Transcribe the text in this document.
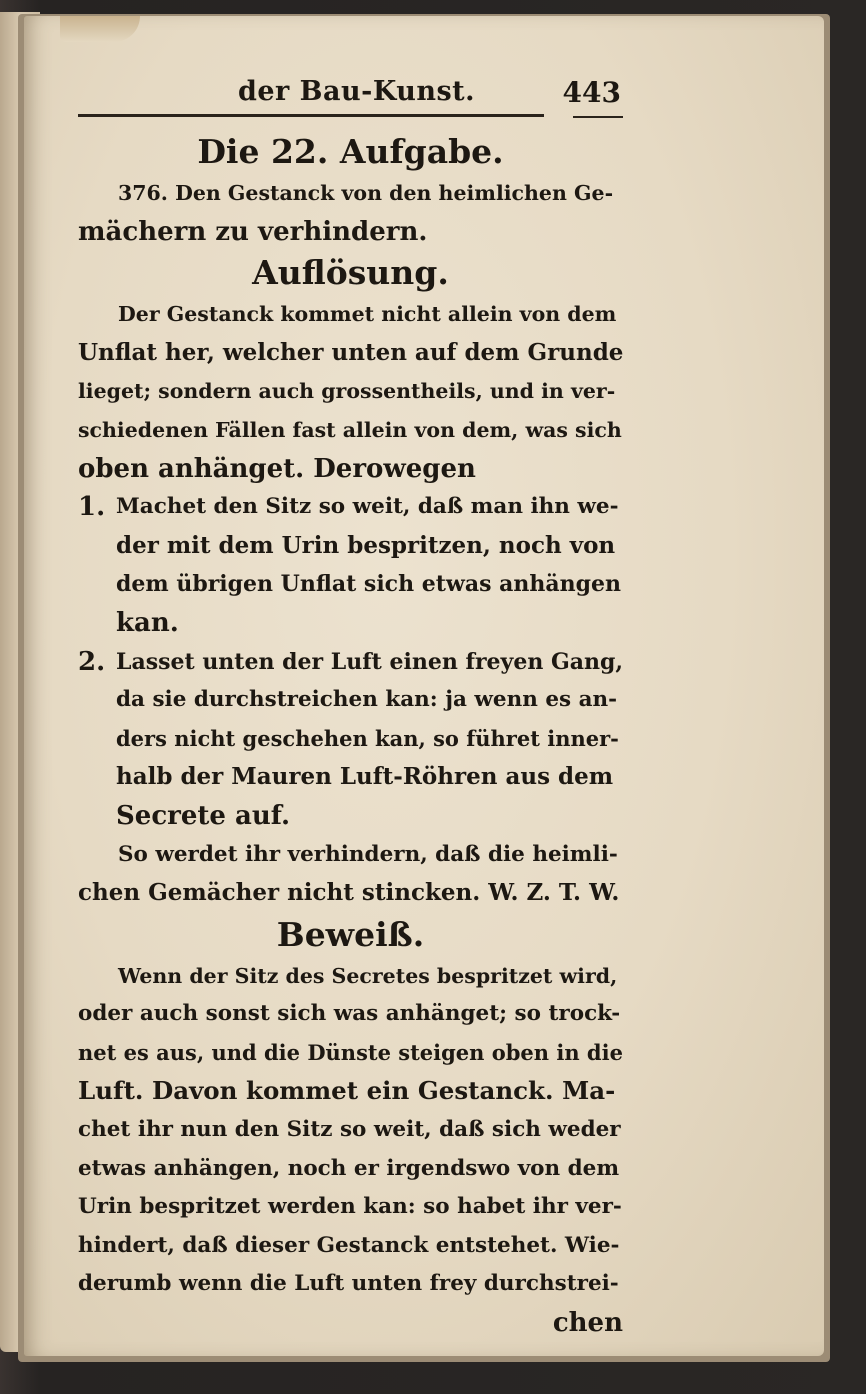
der Bau-Kunst.	443

Die 22. Aufgabe.

376. Den Gestanck von den heimlichen Ge-

mächern zu verhindern.

Auflösung.

Der Gestanck kommet nicht allein von dem

Unflat her, welcher unten auf dem Grunde

lieget; sondern auch grossentheils, und in ver-

schiedenen Fällen fast allein von dem, was sich

oben anhänget. Derowegen

1. Machet den Sitz so weit, daß man ihn we-

der mit dem Urin bespritzen, noch von

dem übrigen Unflat sich etwas anhängen

kan.

2. Lasset unten der Luft einen freyen Gang,

da sie durchstreichen kan: ja wenn es an-

ders nicht geschehen kan, so führet inner-

halb der Mauren Luft-Röhren aus dem

Secrete auf.

So werdet ihr verhindern, daß die heimli-

chen Gemächer nicht stincken. W. Z. T. W.

Beweiß.

Wenn der Sitz des Secretes bespritzet wird,

oder auch sonst sich was anhänget; so trock-

net es aus, und die Dünste steigen oben in die

Luft. Davon kommet ein Gestanck. Ma-

chet ihr nun den Sitz so weit, daß sich weder

etwas anhängen, noch er irgendswo von dem

Urin bespritzet werden kan: so habet ihr ver-

hindert, daß dieser Gestanck entstehet. Wie-

derumb wenn die Luft unten frey durchstrei-

chen
